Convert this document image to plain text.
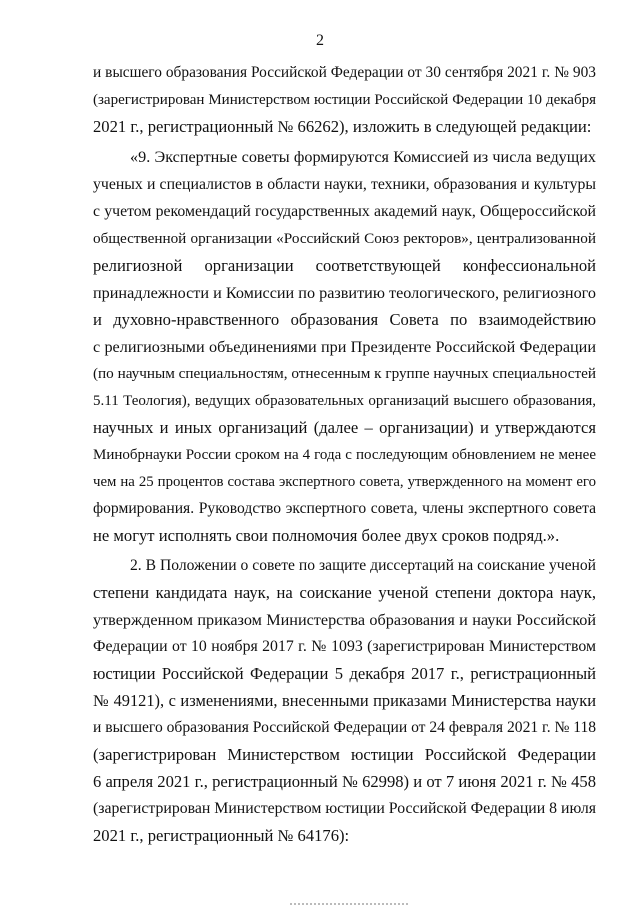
2
и высшего образования Российской Федерации от 30 сентября 2021 г. № 903
(зарегистрирован Министерством юстиции Российской Федерации 10 декабря
2021 г., регистрационный № 66262), изложить в следующей редакции:
«9. Экспертные советы формируются Комиссией из числа ведущих
ученых и специалистов в области науки, техники, образования и культуры
с учетом рекомендаций государственных академий наук, Общероссийской
общественной организации «Российский Союз ректоров», централизованной
религиозной организации соответствующей конфессиональной
принадлежности и Комиссии по развитию теологического, религиозного
и духовно-нравственного образования Совета по взаимодействию
с религиозными объединениями при Президенте Российской Федерации
(по научным специальностям, отнесенным к группе научных специальностей
5.11 Теология), ведущих образовательных организаций высшего образования,
научных и иных организаций (далее – организации) и утверждаются
Минобрнауки России сроком на 4 года с последующим обновлением не менее
чем на 25 процентов состава экспертного совета, утвержденного на момент его
формирования. Руководство экспертного совета, члены экспертного совета
не могут исполнять свои полномочия более двух сроков подряд.».
2. В Положении о совете по защите диссертаций на соискание ученой
степени кандидата наук, на соискание ученой степени доктора наук,
утвержденном приказом Министерства образования и науки Российской
Федерации от 10 ноября 2017 г. № 1093 (зарегистрирован Министерством
юстиции Российской Федерации 5 декабря 2017 г., регистрационный
№ 49121), с изменениями, внесенными приказами Министерства науки
и высшего образования Российской Федерации от 24 февраля 2021 г. № 118
(зарегистрирован Министерством юстиции Российской Федерации
6 апреля 2021 г., регистрационный № 62998) и от 7 июня 2021 г. № 458
(зарегистрирован Министерством юстиции Российской Федерации 8 июля
2021 г., регистрационный № 64176):
